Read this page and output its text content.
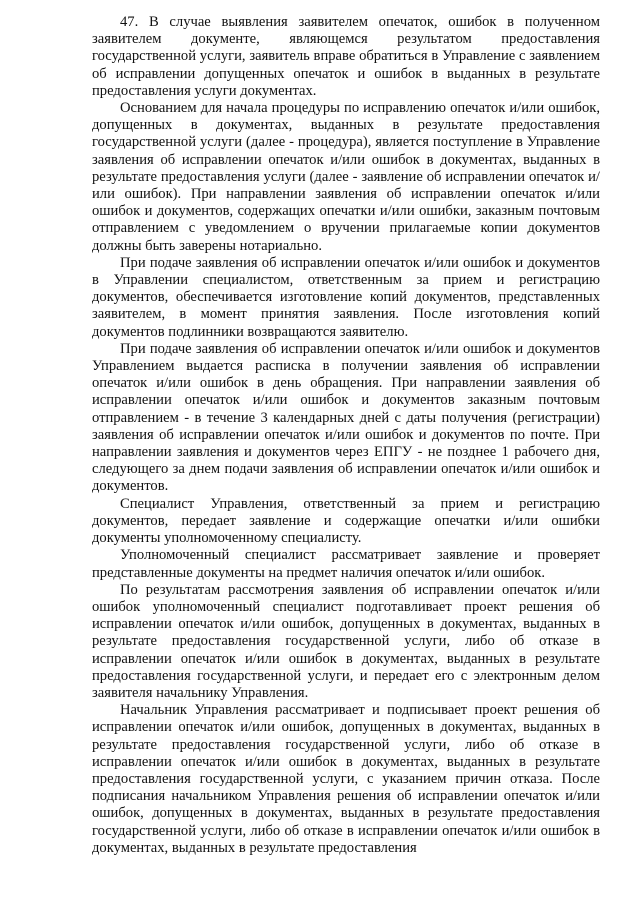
47. В случае выявления заявителем опечаток, ошибок в полученном заявителем документе, являющемся результатом предоставления государственной услуги, заявитель вправе обратиться в Управление с заявлением об исправлении допущенных опечаток и ошибок в выданных в результате предоставления услуги документах.

Основанием для начала процедуры по исправлению опечаток и/или ошибок, допущенных в документах, выданных в результате предоставления государственной услуги (далее - процедура), является поступление в Управление заявления об исправлении опечаток и/или ошибок в документах, выданных в результате предоставления услуги (далее - заявление об исправлении опечаток и/или ошибок). При направлении заявления об исправлении опечаток и/или ошибок и документов, содержащих опечатки и/или ошибки, заказным почтовым отправлением с уведомлением о вручении прилагаемые копии документов должны быть заверены нотариально.

При подаче заявления об исправлении опечаток и/или ошибок и документов в Управлении специалистом, ответственным за прием и регистрацию документов, обеспечивается изготовление копий документов, представленных заявителем, в момент принятия заявления. После изготовления копий документов подлинники возвращаются заявителю.

При подаче заявления об исправлении опечаток и/или ошибок и документов Управлением выдается расписка в получении заявления об исправлении опечаток и/или ошибок в день обращения. При направлении заявления об исправлении опечаток и/или ошибок и документов заказным почтовым отправлением - в течение 3 календарных дней с даты получения (регистрации) заявления об исправлении опечаток и/или ошибок и документов по почте. При направлении заявления и документов через ЕПГУ - не позднее 1 рабочего дня, следующего за днем подачи заявления об исправлении опечаток и/или ошибок и документов.

Специалист Управления, ответственный за прием и регистрацию документов, передает заявление и содержащие опечатки и/или ошибки документы уполномоченному специалисту.

Уполномоченный специалист рассматривает заявление и проверяет представленные документы на предмет наличия опечаток и/или ошибок.

По результатам рассмотрения заявления об исправлении опечаток и/или ошибок уполномоченный специалист подготавливает проект решения об исправлении опечаток и/или ошибок, допущенных в документах, выданных в результате предоставления государственной услуги, либо об отказе в исправлении опечаток и/или ошибок в документах, выданных в результате предоставления государственной услуги, и передает его с электронным делом заявителя начальнику Управления.

Начальник Управления рассматривает и подписывает проект решения об исправлении опечаток и/или ошибок, допущенных в документах, выданных в результате предоставления государственной услуги, либо об отказе в исправлении опечаток и/или ошибок в документах, выданных в результате предоставления государственной услуги, с указанием причин отказа. После подписания начальником Управления решения об исправлении опечаток и/или ошибок, допущенных в документах, выданных в результате предоставления государственной услуги, либо об отказе в исправлении опечаток и/или ошибок в документах, выданных в результате предоставления
